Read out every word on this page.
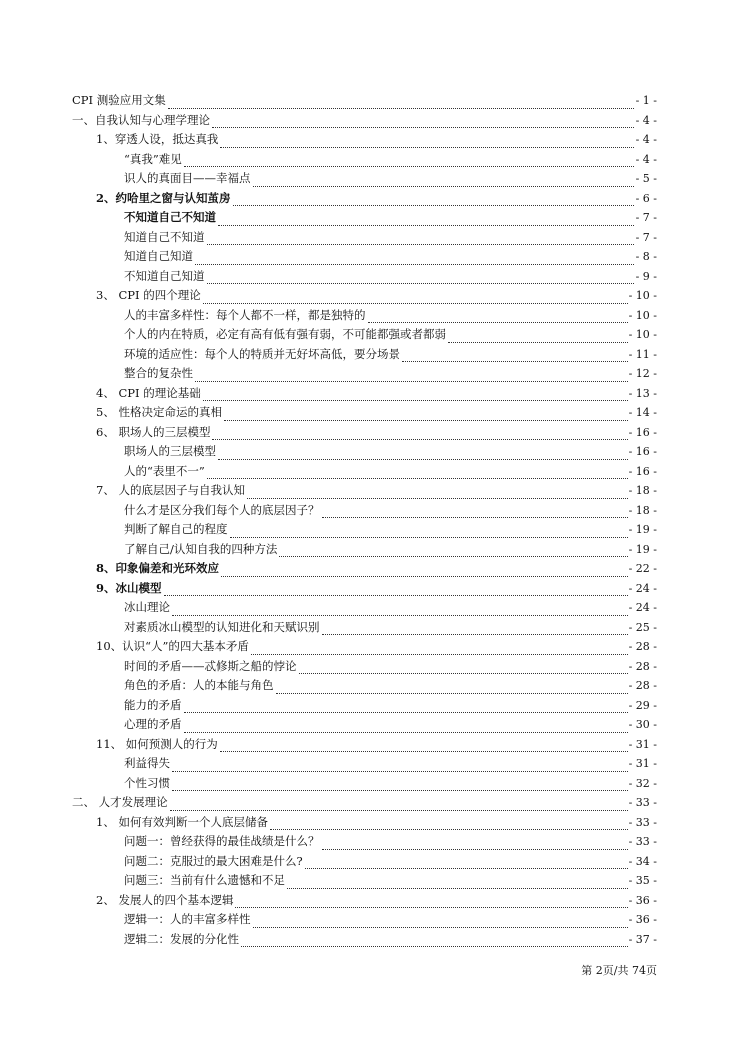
CPI 测验应用文集	- 1 -
一、自我认知与心理学理论	- 4 -
1、穿透人设，抵达真我	- 4 -
“真我”难见	- 4 -
识人的真面目——幸福点	- 5 -
2、约哈里之窗与认知茧房	- 6 -
不知道自己不知道	- 7 -
知道自己不知道	- 7 -
知道自己知道	- 8 -
不知道自己知道	- 9 -
3、 CPI 的四个理论	- 10 -
人的丰富多样性：每个人都不一样，都是独特的	- 10 -
个人的内在特质，必定有高有低有强有弱，不可能都强或者都弱	- 10 -
环境的适应性：每个人的特质并无好坏高低，要分场景	- 11 -
整合的复杂性	- 12 -
4、 CPI 的理论基础	- 13 -
5、 性格决定命运的真相	- 14 -
6、 职场人的三层模型	- 16 -
职场人的三层模型	- 16 -
人的“表里不一”	- 16 -
7、 人的底层因子与自我认知	- 18 -
什么才是区分我们每个人的底层因子？	- 18 -
判断了解自己的程度	- 19 -
了解自己/认知自我的四种方法	- 19 -
8、印象偏差和光环效应	- 22 -
9、冰山模型	- 24 -
冰山理论	- 24 -
对素质冰山模型的认知进化和天赋识别	- 25 -
10、认识“人”的四大基本矛盾	- 28 -
时间的矛盾——忒修斯之船的悖论	- 28 -
角色的矛盾：人的本能与角色	- 28 -
能力的矛盾	- 29 -
心理的矛盾	- 30 -
11、 如何预测人的行为	- 31 -
利益得失	- 31 -
个性习惯	- 32 -
二、 人才发展理论	- 33 -
1、 如何有效判断一个人底层储备	- 33 -
问题一：曾经获得的最佳战绩是什么？	- 33 -
问题二：克服过的最大困难是什么?	- 34 -
问题三：当前有什么遗憾和不足	- 35 -
2、 发展人的四个基本逻辑	- 36 -
逻辑一：人的丰富多样性	- 36 -
逻辑二：发展的分化性	- 37 -
第 2页/共 74页
